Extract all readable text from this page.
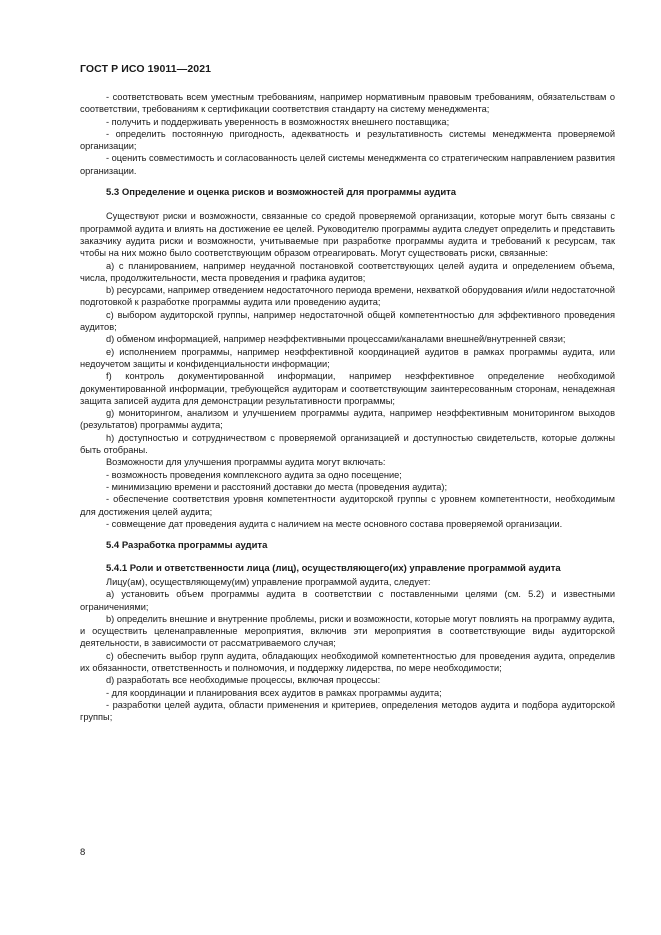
ГОСТ Р ИСО 19011—2021

- соответствовать всем уместным требованиям, например нормативным правовым требованиям, обязательствам о соответствии, требованиям к сертификации соответствия стандарту на систему менеджмента;

- получить и поддерживать уверенность в возможностях внешнего поставщика;

- определить постоянную пригодность, адекватность и результативность системы менеджмента проверяемой организации;

- оценить совместимость и согласованность целей системы менеджмента со стратегическим направлением развития организации.

5.3 Определение и оценка рисков и возможностей для программы аудита

Существуют риски и возможности, связанные со средой проверяемой организации, которые могут быть связаны с программой аудита и влиять на достижение ее целей. Руководителю программы аудита следует определить и представить заказчику аудита риски и возможности, учитываемые при разработке программы аудита и требований к ресурсам, так чтобы на них можно было соответствующим образом отреагировать. Могут существовать риски, связанные:

a) с планированием, например неудачной постановкой соответствующих целей аудита и определением объема, числа, продолжительности, места проведения и графика аудитов;

b) ресурсами, например отведением недостаточного периода времени, нехваткой оборудования и/или недостаточной подготовкой к разработке программы аудита или проведению аудита;

c) выбором аудиторской группы, например недостаточной общей компетентностью для эффективного проведения аудитов;

d) обменом информацией, например неэффективными процессами/каналами внешней/внутренней связи;

e) исполнением программы, например неэффективной координацией аудитов в рамках программы аудита, или недоучетом защиты и конфиденциальности информации;

f) контроль документированной информации, например неэффективное определение необходимой документированной информации, требующейся аудиторам и соответствующим заинтересованным сторонам, ненадежная защита записей аудита для демонстрации результативности программы;

g) мониторингом, анализом и улучшением программы аудита, например неэффективным мониторингом выходов (результатов) программы аудита;

h) доступностью и сотрудничеством с проверяемой организацией и доступностью свидетельств, которые должны быть отобраны.

Возможности для улучшения программы аудита могут включать:

- возможность проведения комплексного аудита за одно посещение;

- минимизацию времени и расстояний доставки до места (проведения аудита);

- обеспечение соответствия уровня компетентности аудиторской группы с уровнем компетентности, необходимым для достижения целей аудита;

- совмещение дат проведения аудита с наличием на месте основного состава проверяемой организации.

5.4 Разработка программы аудита
5.4.1 Роли и ответственности лица (лиц), осуществляющего(их) управление программой аудита

Лицу(ам), осуществляющему(им) управление программой аудита, следует:

a) установить объем программы аудита в соответствии с поставленными целями (см. 5.2) и известными ограничениями;

b) определить внешние и внутренние проблемы, риски и возможности, которые могут повлиять на программу аудита, и осуществить целенаправленные мероприятия, включив эти мероприятия в соответствующие виды аудиторской деятельности, в зависимости от рассматриваемого случая;

c) обеспечить выбор групп аудита, обладающих необходимой компетентностью для проведения аудита, определив их обязанности, ответственность и полномочия, и поддержку лидерства, по мере необходимости;

d) разработать все необходимые процессы, включая процессы:

- для координации и планирования всех аудитов в рамках программы аудита;

- разработки целей аудита, области применения и критериев, определения методов аудита и подбора аудиторской группы;

8
